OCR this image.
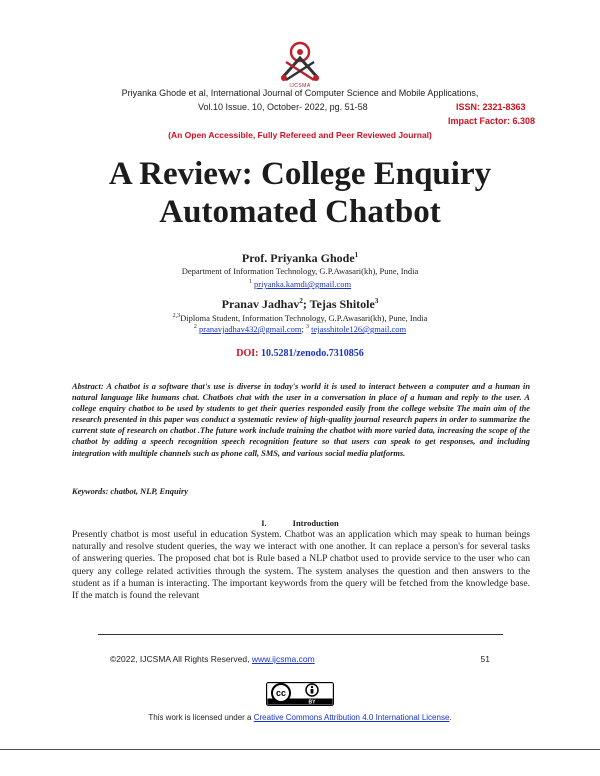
IJCSMA
Priyanka Ghode et al, International Journal of Computer Science and Mobile Applications,
Vol.10 Issue. 10, October- 2022, pg. 51-58	ISSN: 2321-8363
Impact Factor: 6.308
(An Open Accessible, Fully Refereed and Peer Reviewed Journal)
A Review: College Enquiry
Automated Chatbot
Prof. Priyanka Ghode$^1$
Department of Information Technology, G.P.Awasari(kh), Pune, India
$^1$ priyanka.kamdi@gmail.com
Pranav Jadhav$^2$; Tejas Shitole$^3$
$^{2,3}$Diploma Student, Information Technology, G.P.Awasari(kh), Pune, India
$^2$ pranavjadhav432@gmail.com; $^3$ tejasshitole126@gmail.com
DOI: 10.5281/zenodo.7310856
Abstract: A chatbot is a software that's use is diverse in today's world it is used to interact between a computer and a human in natural language like humans chat. Chatbots chat with the user in a conversation in place of a human and reply to the user. A college enquiry chatbot to be used by students to get their queries responded easily from the college website The main aim of the research presented in this paper was conduct a systematic review of high-quality journal research papers in order to summarize the current state of research on chatbot .The future work include training the chatbot with more varied data, increasing the scope of the chatbot by adding a speech recognition speech recognition feature so that users can speak to get responses, and including integration with multiple channels such as phone call, SMS, and various social media platforms.
Keywords: chatbot, NLP, Enquiry
I.	Introduction
Presently chatbot is most useful in education System. Chatbot was an application which may speak to human beings naturally and resolve student queries, the way we interact with one another. It can replace a person's for several tasks of answering queries. The proposed chat bot is Rule based a NLP chatbot used to provide service to the user who can query any college related activities through the system. The system analyses the question and then answers to the student as if a human is interacting. The important keywords from the query will be fetched from the knowledge base. If the match is found the relevant
©2022, IJCSMA All Rights Reserved, www.ijcsma.com	51
cc
BY
This work is licensed under a Creative Commons Attribution 4.0 International License.
